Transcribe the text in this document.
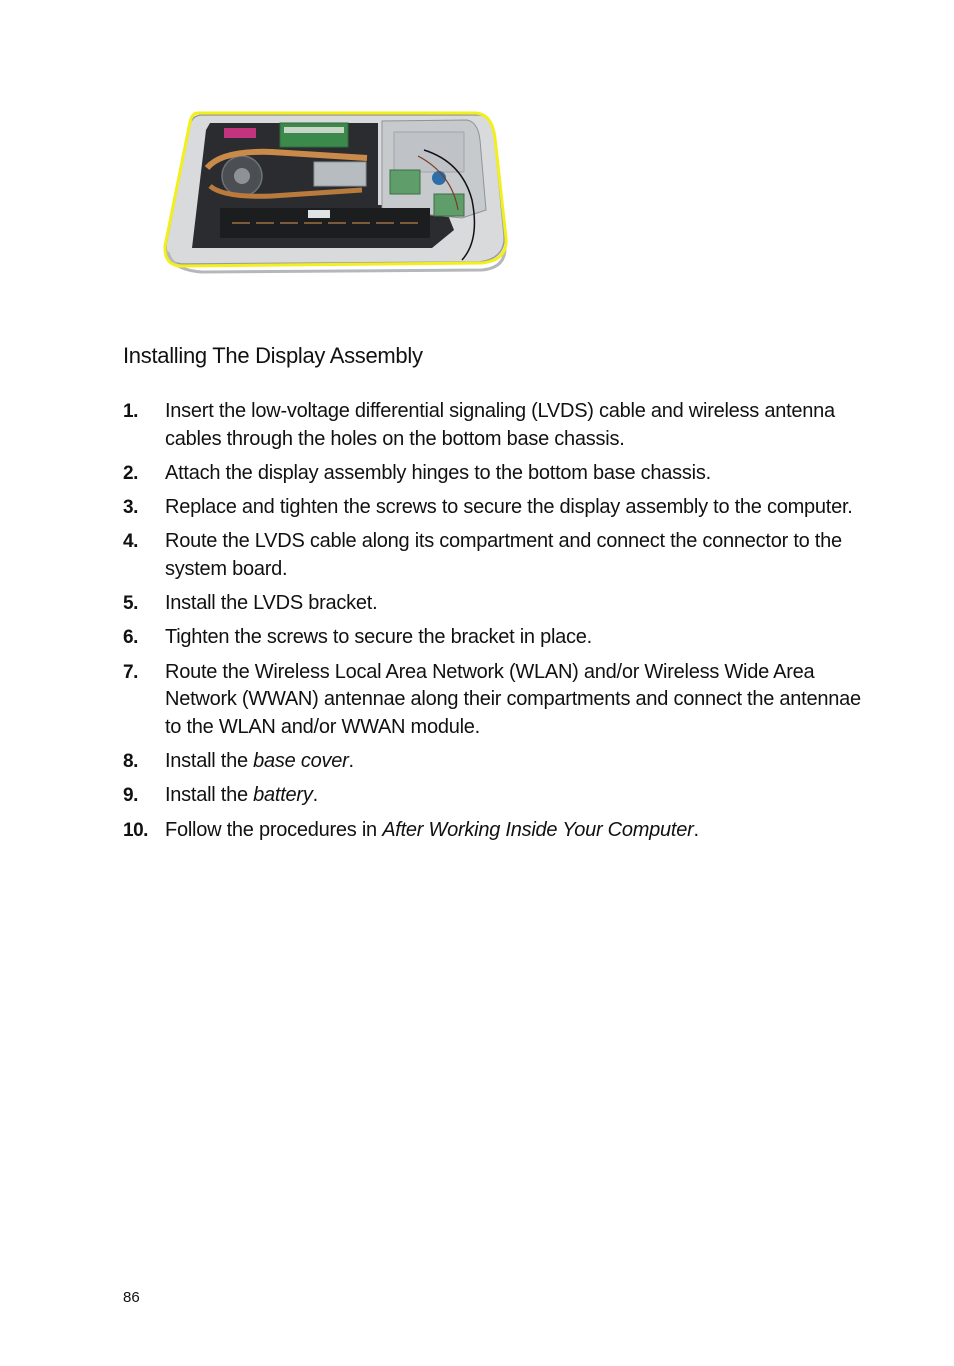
Installing The Display Assembly
1. Insert the low-voltage differential signaling (LVDS) cable and wireless antenna cables through the holes on the bottom base chassis.
2. Attach the display assembly hinges to the bottom base chassis.
3. Replace and tighten the screws to secure the display assembly to the computer.
4. Route the LVDS cable along its compartment and connect the connector to the system board.
5. Install the LVDS bracket.
6. Tighten the screws to secure the bracket in place.
7. Route the Wireless Local Area Network (WLAN) and/or Wireless Wide Area Network (WWAN) antennae along their compartments and connect the antennae to the WLAN and/or WWAN module.
8. Install the base cover.
9. Install the battery.
10. Follow the procedures in After Working Inside Your Computer.
86
